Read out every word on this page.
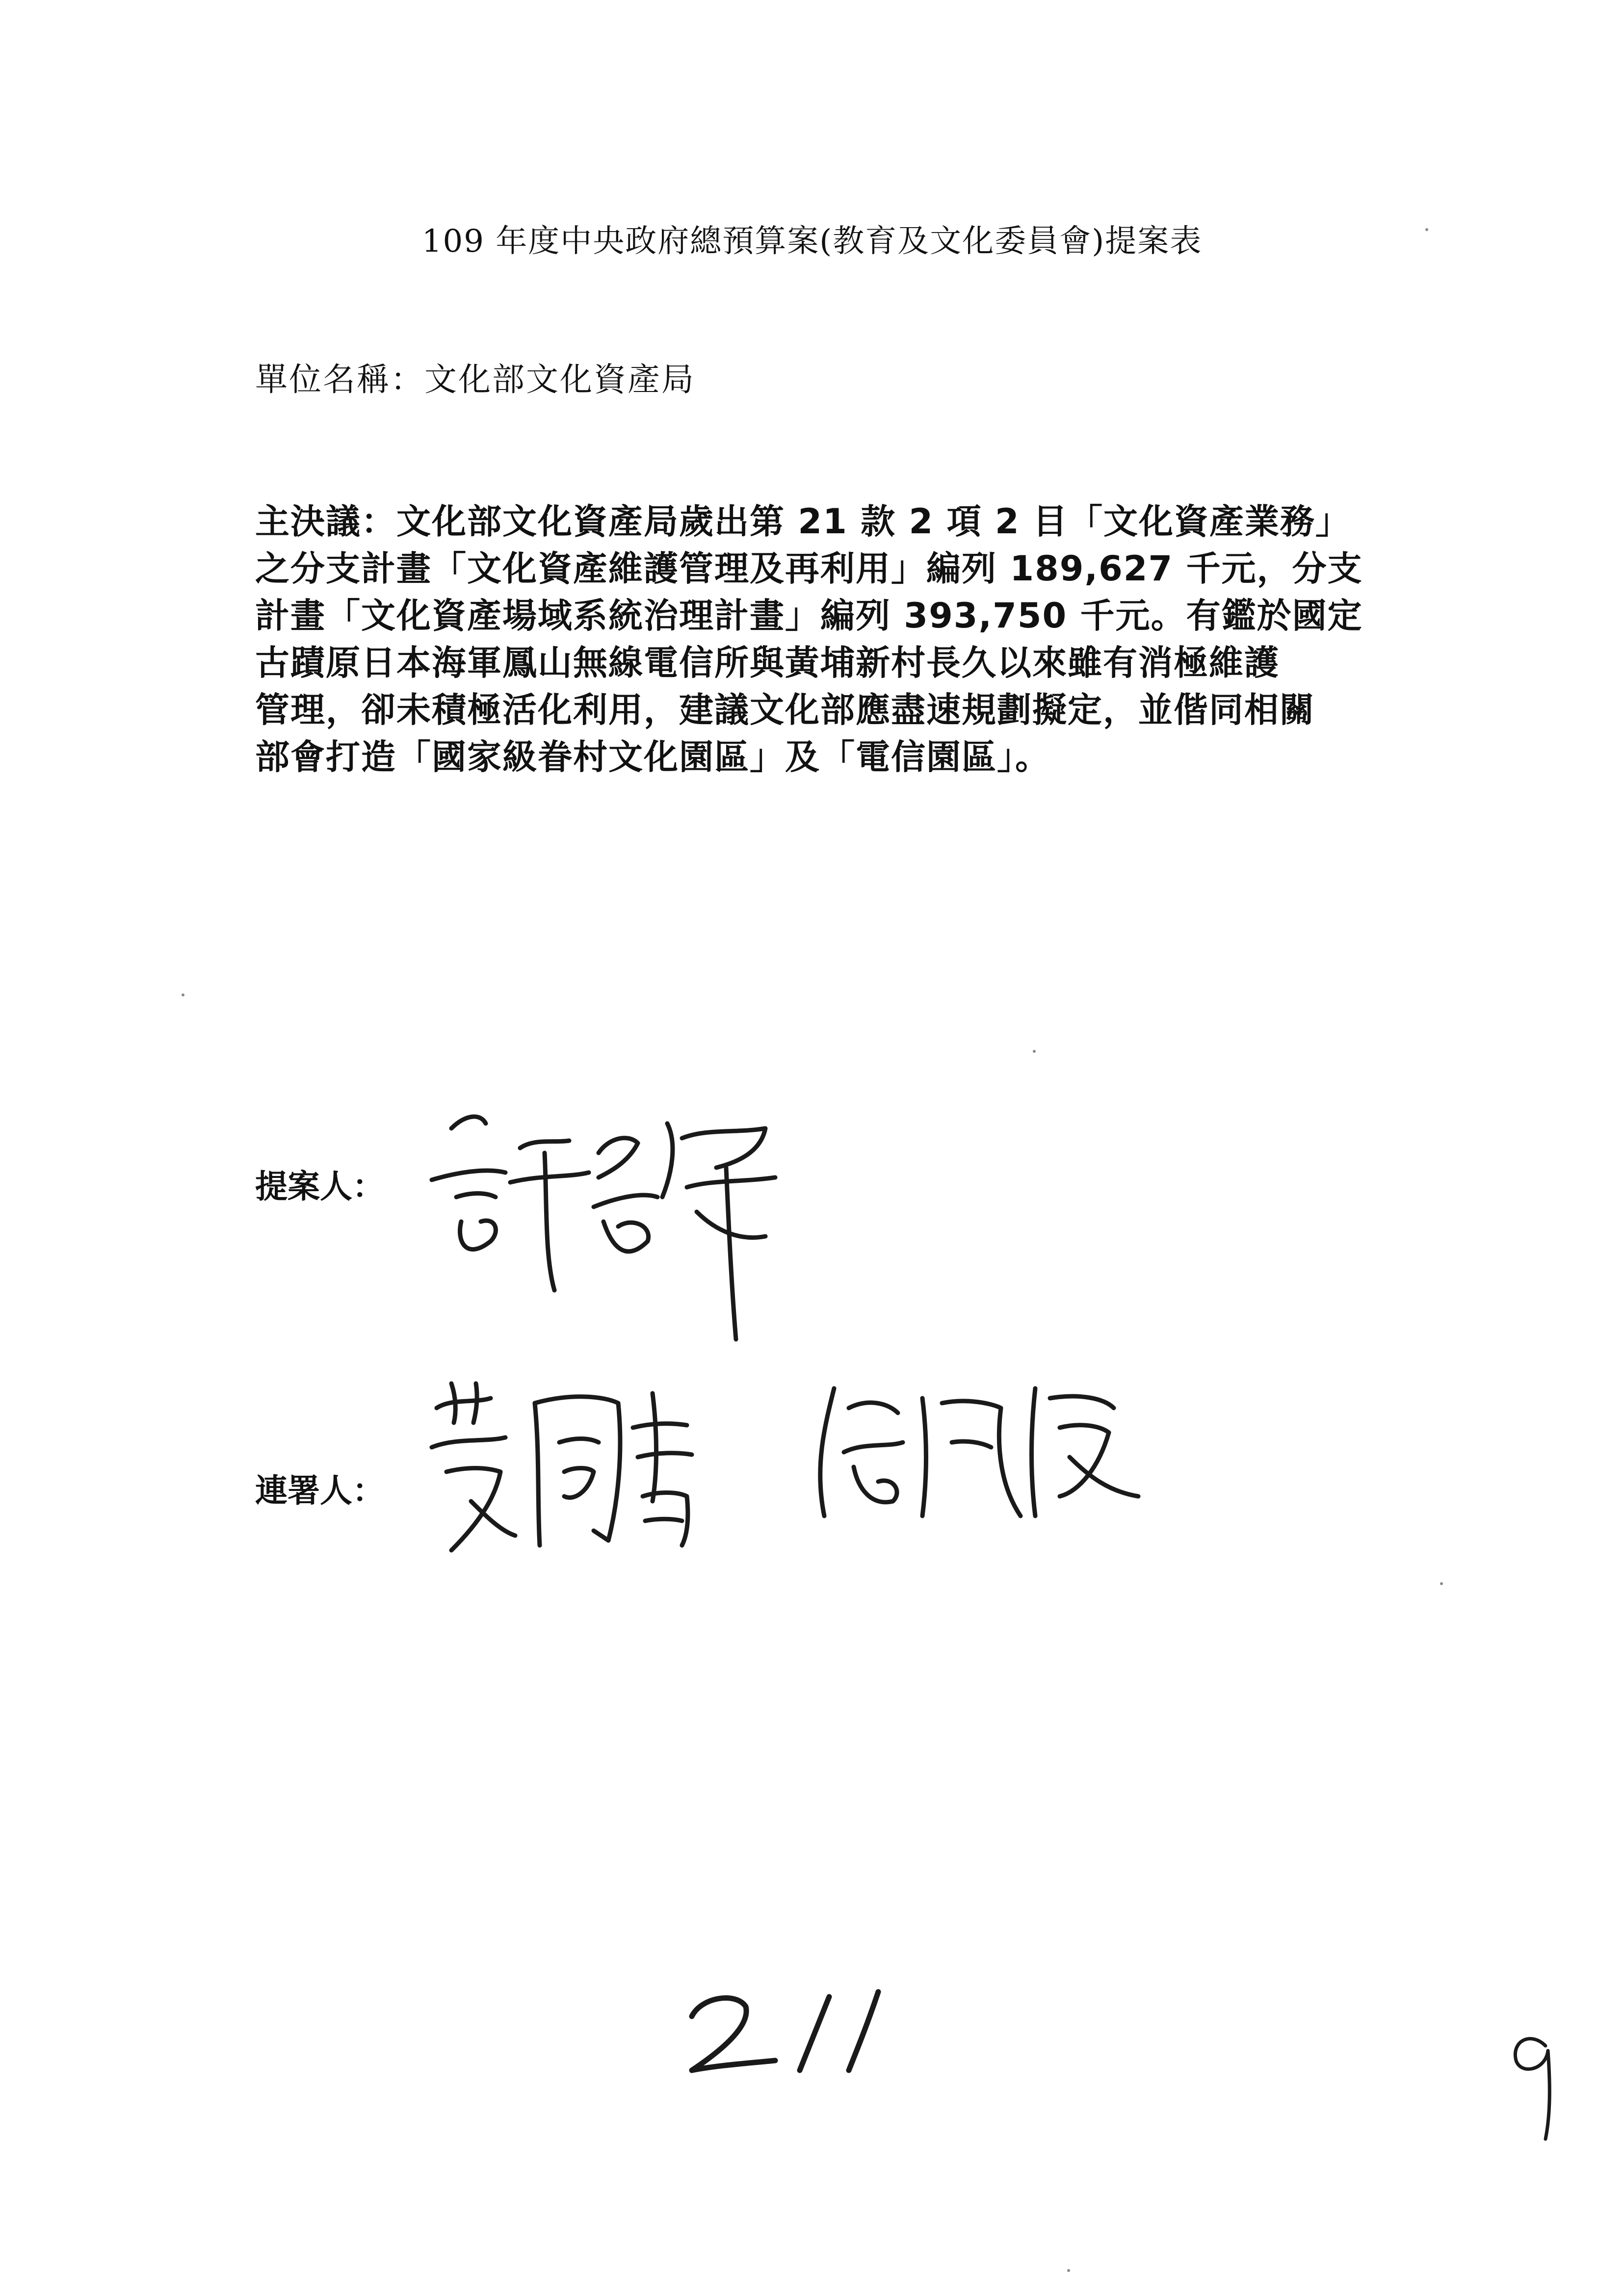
109 年度中央政府總預算案(教育及文化委員會)提案表
單位名稱：文化部文化資產局
主決議：文化部文化資產局歲出第 21 款 2 項 2 目「文化資產業務」
之分支計畫「文化資產維護管理及再利用」編列 189,627 千元，分支
計畫「文化資產場域系統治理計畫」編列 393,750 千元。有鑑於國定
古蹟原日本海軍鳳山無線電信所與黃埔新村長久以來雖有消極維護
管理，卻未積極活化利用，建議文化部應盡速規劃擬定，並偕同相關
部會打造「國家級眷村文化園區」及「電信園區」。
提案人：
連署人：
